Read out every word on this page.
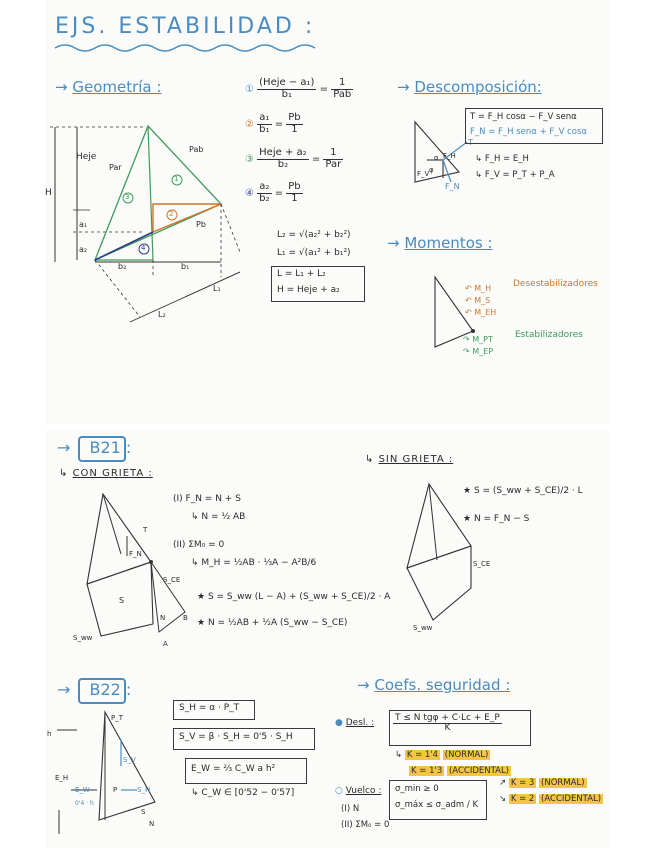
EJS. ESTABILIDAD :
→ Geometría :
Heje
H
Par
Pab
a₁
a₂
b₂	b₁
L₁
L₂
Pb
1
3
2
4
① $\frac{\text{(Heje − a₁)}}{\text{b₁}} = \frac{1}{\text{Pab}}$
② $\frac{\text{a₁}}{\text{b₁}} = \frac{Pb}{1}$
③ $\frac{\text{Heje + a₂}}{\text{b₂}} = \frac{1}{\text{Par}}$
④ $\frac{\text{a₂}}{\text{b₂}} = \frac{Pb}{1}$
L₂ = √(a₂² + b₂²)
L₁ = √(a₁² + b₁²)
L = L₁ + L₂
H = Heje + a₂
→ Descomposición:
T
F_N
F_V
F_H
α
φ
T = F_H cosα − F_V senα
F_N = F_H senα + F_V cosα
↳ F_H = E_H
↳ F_V = P_T + P_A
→ Momentos :
↶ M_H
↶ M_S
↶ M_EH
Desestabilizadores
↷ M_PT
↷ M_EP
Estabilizadores
→ B21 :
↳ CON GRIETA :
↳ SIN GRIETA :
T
F_N
S_CE
S
S_ww
N
A
B
(I) F_N = N + S
↳ N = ½ AB
(II) ΣM₀ = 0
↳ M_H = ½AB · ⅓A − A²B/6
★ S = S_ww (L − A) + (S_ww + S_CE)/2 · A
★ N = ½AB + ½A (S_ww − S_CE)
S_CE
S_ww
★ S = (S_ww + S_CE)/2 · L
★ N = F_N − S
→ B22 :
P_T
S_V
S_H
E_H
E_W	P
S
N
h
0'4 · h
S_H = α · P_T
S_V = β · S_H = 0'5 · S_H
E_W = ⅔ C_W a h²
↳ C_W ∈ [0'52 − 0'57]
→ Coefs. seguridad :
● Desl. : $\frac{\text{T ≤ N tgφ + C·Lc + E\_P}}{K}$
↳ K = 1'4 (NORMAL)
K = 1'3 (ACCIDENTAL)
○ Vuelco : σ_min ≥ 0
σ_máx ≤ σ_adm / K
↗ K = 3 (NORMAL)
↘ K = 2 (ACCIDENTAL)
(I) N
(II) ΣM₀ = 0
